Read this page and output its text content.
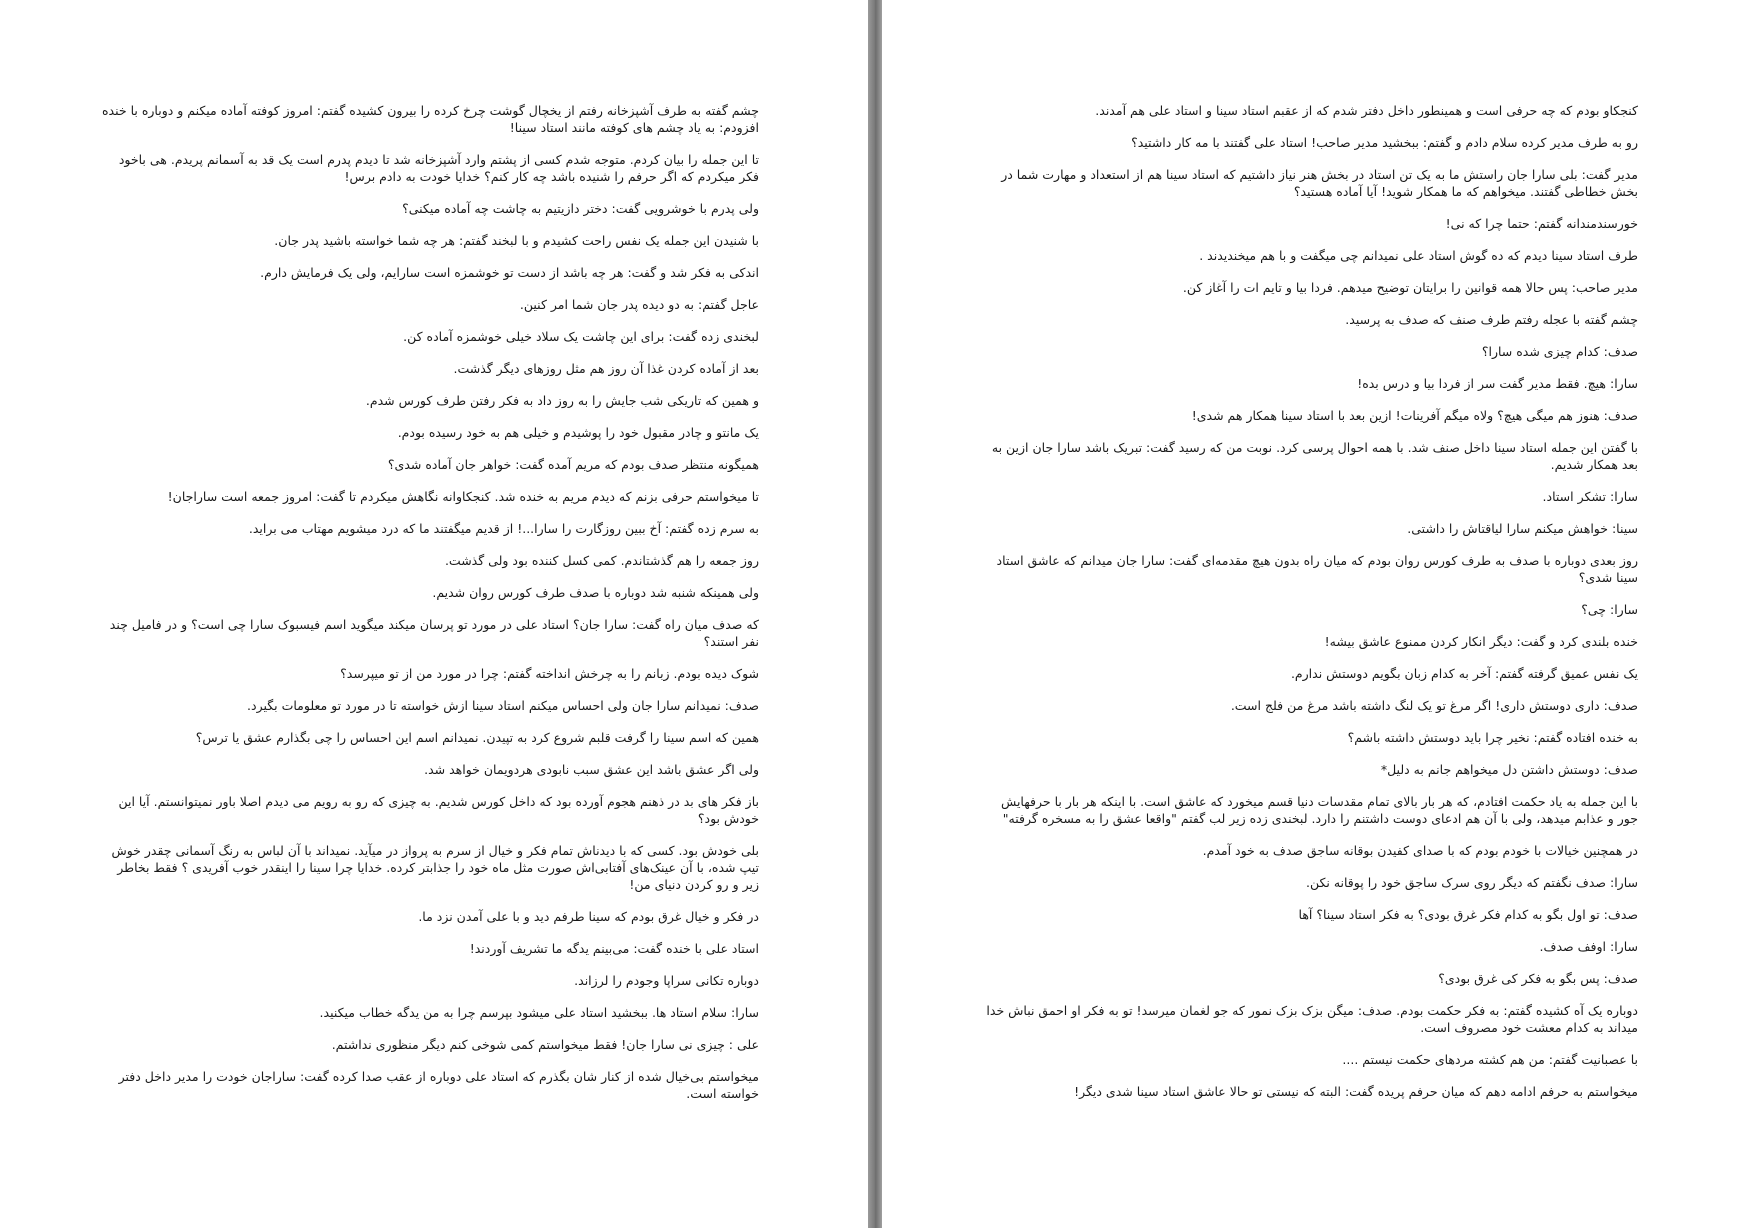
چشم گفته به طرف آشپزخانه رفتم از یخچال گوشت چرخ کرده را بیرون کشیده گفتم: امروز کوفته آماده میکنم و دوباره با خنده افزودم: به یاد چشم های کوفته مانند استاد سینا!

تا این جمله را بیان کردم. متوجه شدم کسی از پشتم وارد آشپزخانه شد تا دیدم پدرم است یک قد به آسمانم پریدم. هی باخود فکر میکردم که اگر حرفم را شنیده باشد چه کار کنم؟ خدایا خودت به دادم برس!

ولی پدرم با خوشرویی گفت: دختر دازیتیم به چاشت چه آماده میکنی؟

با شنیدن این جمله یک نفس راحت کشیدم و با لبخند گفتم: هر چه شما خواسته باشید پدر جان.

اندکی به فکر شد و گفت: هر چه باشد از دست تو خوشمزه است سارایم، ولی یک فرمایش دارم.

عاجل گفتم: به دو دیده پدر جان شما امر کنین.

لبخندی زده گفت: برای این چاشت یک سلاد خیلی خوشمزه آماده کن.

بعد از آماده کردن غذا آن روز هم مثل روزهای دیگر گذشت.

و همین که تاریکی شب جایش را به روز داد به فکر رفتن طرف کورس شدم.

یک مانتو و چادر مقبول خود را پوشیدم و خیلی هم به خود رسیده بودم.

همیگونه منتظر صدف بودم که مریم آمده گفت: خواهر جان آماده شدی؟

تا میخواستم حرفی بزنم که دیدم مریم به خنده شد. کنجکاوانه نگاهش میکردم تا گفت: امروز جمعه است ساراجان!

به سرم زده گفتم: آخ ببین روزگارت را سارا...! از قدیم میگفتند ما که درد میشویم مهتاب می براید.

روز جمعه را هم گذشتاندم. کمی کسل کننده بود ولی گذشت.

ولی همینکه شنبه شد دوباره با صدف طرف کورس روان شدیم.

که صدف میان راه گفت: سارا جان؟ استاد علی در مورد تو پرسان میکند میگوید اسم فیسبوک سارا چی است؟ و در فامیل چند نفر استند؟

شوک دیده بودم. زبانم را به چرخش انداخته گفتم: چرا در مورد من از تو میپرسد؟

صدف: نمیدانم سارا جان ولی احساس میکنم استاد سینا ازش خواسته تا در مورد تو معلومات بگیرد.

همین که اسم سینا را گرفت قلبم شروع کرد به تپیدن. نمیدانم اسم این احساس را چی بگذارم عشق یا ترس؟

ولی اگر عشق باشد این عشق سبب نابودی هردویمان خواهد شد.

باز فکر های بد در ذهنم هجوم آورده بود که داخل کورس شدیم. به چیزی که رو به رویم می دیدم اصلا باور نمیتوانستم. آیا این خودش بود؟

بلی خودش بود. کسی که با دیدناش تمام فکر و خیال از سرم به پرواز در میآید. نمیداند با آن لباس به رنگ آسمانی چقدر خوش تیپ شده، با آن عینک‌های آفتابی‌اش صورت مثل ماه خود را جذابتر کرده. خدایا چرا سینا را اینقدر خوب آفریدی ؟ فقط بخاطر زیر و رو کردن دنیای من!

در فکر و خیال غرق بودم که سینا طرفم دید و با علی آمدن نزد ما.

استاد علی با خنده گفت: می‌بینم یدگه ما تشریف آوردند!

دوباره تکانی سراپا وجودم را لرزاند.

سارا: سلام استاد ها. ببخشید استاد علی میشود بپرسم چرا به من یدگه خطاب میکنید.

علی : چیزی نی سارا جان! فقط میخواستم کمی شوخی کنم دیگر منظوری نداشتم.

میخواستم بی‌خیال شده از کنار شان بگذرم که استاد علی دوباره از عقب صدا کرده گفت: ساراجان خودت را مدیر داخل دفتر خواسته است.

کنجکاو بودم که چه حرفی است و همینطور داخل دفتر شدم که از عقبم استاد سینا و استاد علی هم آمدند.

رو به طرف مدیر کرده سلام دادم و گفتم: ببخشید مدیر صاحب! استاد علی گفتند با مه کار داشتید؟

مدیر گفت: بلی سارا جان راستش ما به یک تن استاد در بخش هنر نیاز داشتیم که استاد سینا هم از استعداد و مهارت شما در بخش خطاطی گفتند. میخواهم که ما همکار شوید! آیا آماده هستید؟

خورسندمندانه گفتم: حتما چرا که نی!

طرف استاد سینا دیدم که ده گوش استاد علی نمیدانم چی میگفت و با هم میخندیدند .

مدیر صاحب: پس حالا همه قوانین را برایتان توضیح میدهم. فردا بیا و تایم ات را آغاز کن.

چشم گفته با عجله رفتم طرف صنف که صدف به پرسید.

صدف: کدام چیزی شده سارا؟

سارا: هیچ. فقط مدیر گفت سر از فردا بیا و درس بده!

صدف: هنوز هم میگی هیچ؟ ولاه میگم آفرینات! ازین بعد با استاد سینا همکار هم شدی!

با گفتن این جمله استاد سینا داخل صنف شد. با همه احوال پرسی کرد. نوبت من که رسید گفت: تبریک باشد سارا جان ازین به بعد همکار شدیم.

سارا: تشکر استاد.

سینا: خواهش میکنم سارا لیاقتاش را داشتی.

روز بعدی دوباره با صدف به طرف کورس روان بودم که میان راه بدون هیچ مقدمه‌ای گفت: سارا جان میدانم که عاشق استاد سینا شدی؟

سارا: چی؟

خنده بلندی کرد و گفت: دیگر انکار کردن ممنوع عاشق بیشه!

یک نفس عمیق گرفته گفتم: آخر به کدام زبان بگویم دوستش ندارم.

صدف: داری دوستش داری! اگر مرغ تو یک لنگ داشته باشد مرغ من فلج است.

به خنده افتاده گفتم: نخیر چرا باید دوستش داشته باشم؟

صدف: دوستش داشتن دل میخواهم جانم به دلیل*

با این جمله به یاد حکمت افتادم، که هر بار بالای تمام مقدسات دنیا قسم میخورد که عاشق است. با اینکه هر بار با حرفهایش جور و عذابم میدهد، ولی با آن هم ادعای دوست داشتنم را دارد. لبخندی زده زیر لب گفتم "واقعا عشق را به مسخره گرفته"

در همچنین خیالات با خودم بودم که با صدای کفیدن بوقانه ساجق صدف به خود آمدم.

سارا: صدف نگفتم که دیگر روی سرک ساجق خود را پوقانه نکن.

صدف: تو اول بگو به کدام فکر غرق بودی؟ به فکر استاد سینا؟ آها

سارا: اوفف صدف.

صدف: پس بگو به فکر کی غرق بودی؟

دوباره یک آه کشیده گفتم: به فکر حکمت بودم. صدف: میگن بزک بزک نمور که جو لغمان میرسد! تو به فکر او احمق نباش خدا میداند به کدام معشت خود مصروف است.

با عصبانیت گفتم: من هم کشته مردهای حکمت نیستم ....

میخواستم به حرفم ادامه دهم که میان حرفم پریده گفت: البته که نیستی تو حالا عاشق استاد سینا شدی دیگر!
